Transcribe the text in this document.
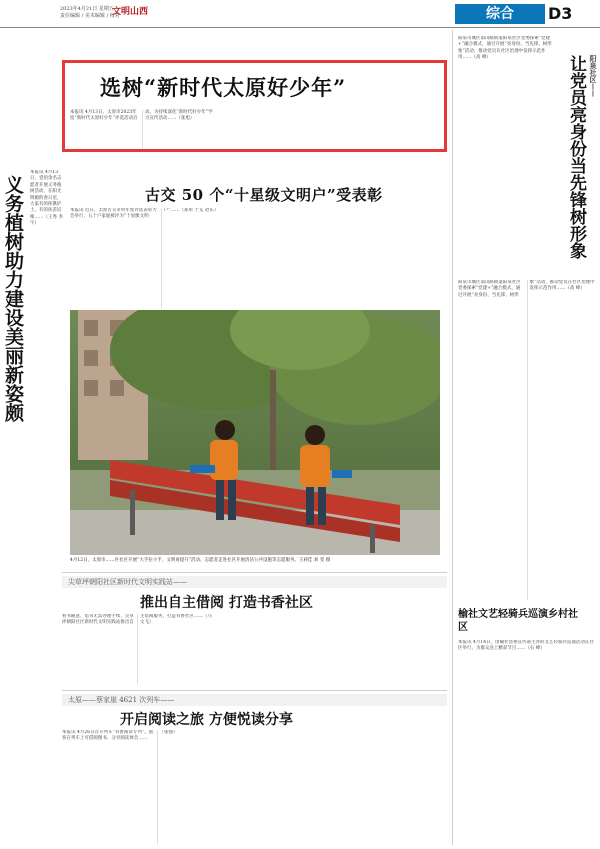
2023年4月21日 星期五
责任编辑 / 美术编辑 / 校对
文明山西	综合	D3
选树“新时代太原好少年”
本报讯 4月13日，太原市2023年度“新时代太原好少年”评选活动启动。为持续深化“新时代好少年”学习宣传活动……（张旭）
义务植树助力建设美丽新姿颇
本报讯 4月13日，壹佰余名志愿者开展义务植树活动，在阳光明媚的春日里，大家有的挥锹铲土，有的扶苗培根……（王秀 李宇）
古交 50 个“十星级文明户”受表彰
本报讯 近日，太原古交市村年度评选表彰大会举行，五十户家庭被评为“十星级文明户”……（郑彤 于艾 赵东）
4月12日，太原市……区社区开展“大手拉小手，文明再提升”活动，志愿者走进社区开展清洁公共设施等志愿服务。王莉佳 刘 雯 摄
让党员亮身份当先锋树形象 阳泉社区——
阳泉市城区南山路街道阳泉社区党委探索“党建+”融合模式，通过开展“亮身份、当先锋、树形象”活动，推动党员在社区治理中发挥示范作用……（高 峰）
阳泉市城区南山路街道阳泉社区党委探索“党建+”融合模式，通过开展“亮身份、当先锋、树形象”活动，推动党员在社区治理中发挥示范作用……（高 峰）
尖草坪朝阳社区新时代文明实践站——
推出自主借阅 打造书香社区
看书随意、借书无需办理手续，尖草坪朝阳社区新时代文明实践站推出自主借阅服务，打造书香社区……（马文飞）
太原——蔡家崖 4621 次列车——
开启阅读之旅 方便悦读分享
本报讯 4月26日首开列车“书香阅读专列”，旅客在列车上可借阅图书、分享阅读体会……（张强）
榆社文艺轻骑兵巡演乡村社区
本报讯 4月14日，由榆社县委宣传部主办的文艺轻骑兵巡演活动在社区举行，为群众送上精彩节目……（石 峰）
